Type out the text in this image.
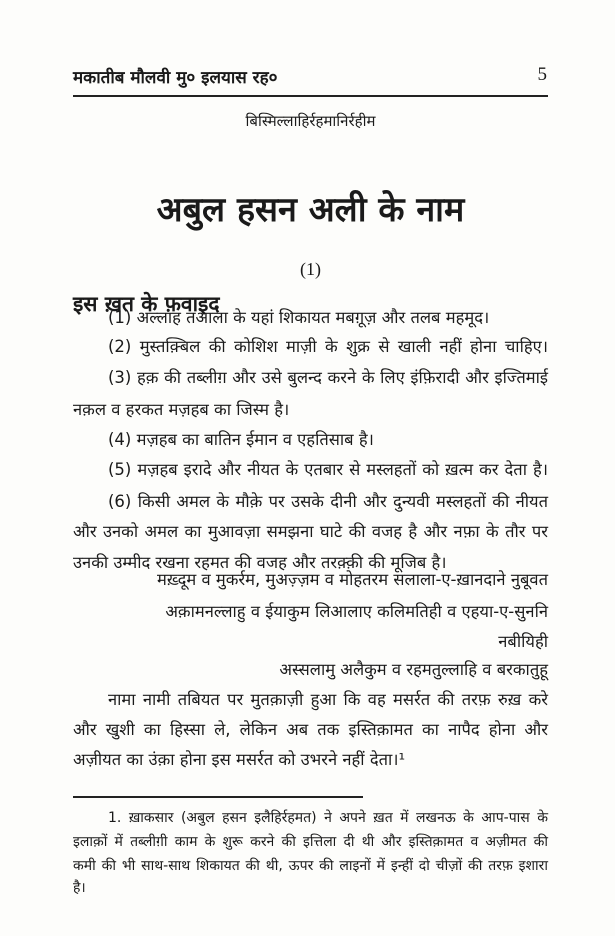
मकातीब मौलवी मु० इलयास रह०	5
बिस्मिल्लाहिर्रहमानिर्रहीम
अबुल हसन अली के नाम
(1)
इस ख़त के फ़वाइद
(1) अल्लाह तआला के यहां शिकायत मबग़ूज़ और तलब महमूद।
(2) मुस्तक़्बिल की कोशिश माज़ी के शुक्र से खाली नहीं होना चाहिए।
(3) हक़ की तब्लीग़ और उसे बुलन्द करने के लिए इंफ़िरादी और इज्तिमाई
नक़ल व हरकत मज़हब का जिस्म है।
(4) मज़हब का बातिन ईमान व एहतिसाब है।
(5) मज़हब इरादे और नीयत के एतबार से मस्लहतों को ख़त्म कर देता है।
(6) किसी अमल के मौक़े पर उसके दीनी और दुन्यवी मस्लहतों की नीयत
और उनको अमल का मुआवज़ा समझना घाटे की वजह है और नफ़ा के तौर पर
उनकी उम्मीद रखना रहमत की वजह और तरक़्क़ी की मूजिब है।
मख़्दूम व मुकर्रम, मुअज़्ज़म व मोहतरम सलाला-ए-ख़ानदाने नुबूवत
अक़ामनल्लाहु व ईयाकुम लिआलाए कलिमतिही व एहया-ए-सुननि
नबीयिही
अस्सलामु अलैकुम व रहमतुल्लाहि व बरकातुहू
नामा नामी तबियत पर मुतक़ाज़ी हुआ कि वह मसर्रत की तरफ़ रुख़ करे
और खुशी का हिस्सा ले, लेकिन अब तक इस्तिक़ामत का नापैद होना और
अज़ीयत का उंक़ा होना इस मसर्रत को उभरने नहीं देता।¹
1. ख़ाकसार (अबुल हसन इलैहिर्रहमत) ने अपने ख़त में लखनऊ के आप-पास के
इलाक़ों में तब्लीग़ी काम के शुरू करने की इत्तिला दी थी और इस्तिक़ामत व अज़ीमत की
कमी की भी साथ-साथ शिकायत की थी, ऊपर की लाइनों में इन्हीं दो चीज़ों की तरफ़ इशारा
है।
